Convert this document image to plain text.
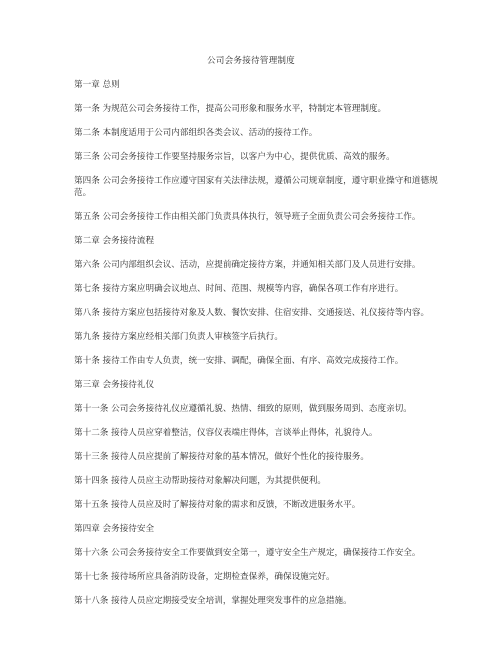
公司会务接待管理制度

第一章 总则

第一条 为规范公司会务接待工作，提高公司形象和服务水平，特制定本管理制度。

第二条 本制度适用于公司内部组织各类会议、活动的接待工作。

第三条 公司会务接待工作要坚持服务宗旨，以客户为中心，提供优质、高效的服务。

第四条 公司会务接待工作应遵守国家有关法律法规，遵循公司规章制度，遵守职业操守和道德规范。

第五条 公司会务接待工作由相关部门负责具体执行，领导班子全面负责公司会务接待工作。

第二章 会务接待流程

第六条 公司内部组织会议、活动，应提前确定接待方案，并通知相关部门及人员进行安排。

第七条 接待方案应明确会议地点、时间、范围、规模等内容，确保各项工作有序进行。

第八条 接待方案应包括接待对象及人数、餐饮安排、住宿安排、交通接送、礼仪接待等内容。

第九条 接待方案应经相关部门负责人审核签字后执行。

第十条 接待工作由专人负责，统一安排、调配，确保全面、有序、高效完成接待工作。

第三章 会务接待礼仪

第十一条 公司会务接待礼仪应遵循礼貌、热情、细致的原则，做到服务周到、态度亲切。

第十二条 接待人员应穿着整洁，仪容仪表端庄得体，言谈举止得体，礼貌待人。

第十三条 接待人员应提前了解接待对象的基本情况，做好个性化的接待服务。

第十四条 接待人员应主动帮助接待对象解决问题，为其提供便利。

第十五条 接待人员应及时了解接待对象的需求和反馈，不断改进服务水平。

第四章 会务接待安全

第十六条 公司会务接待安全工作要做到安全第一，遵守安全生产规定，确保接待工作安全。

第十七条 接待场所应具备消防设备，定期检查保养，确保设施完好。

第十八条 接待人员应定期接受安全培训，掌握处理突发事件的应急措施。
